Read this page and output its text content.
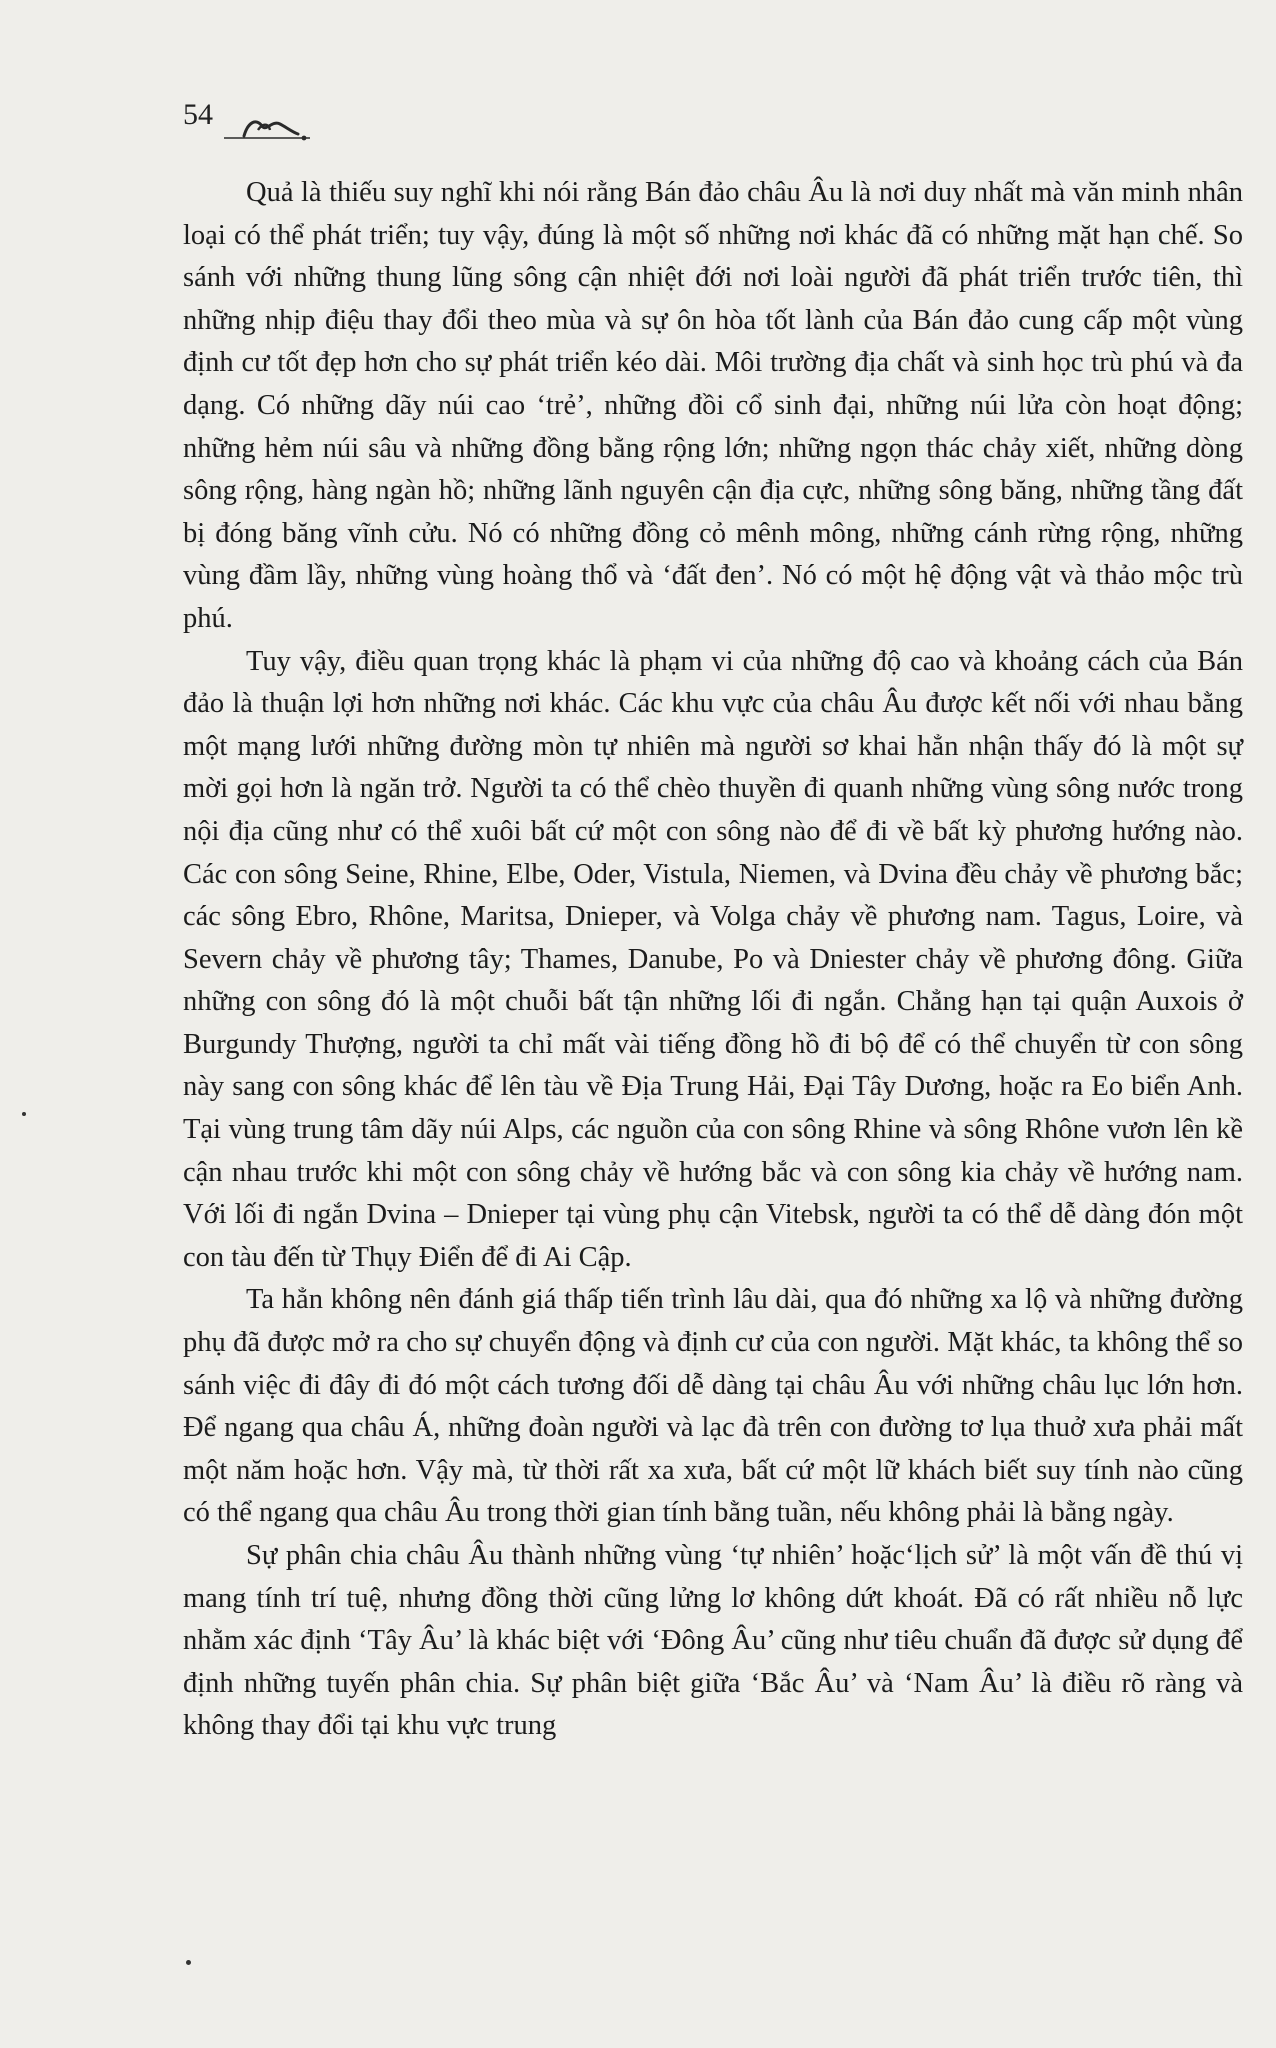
54

Quả là thiếu suy nghĩ khi nói rằng Bán đảo châu Âu là nơi duy nhất mà văn minh nhân loại có thể phát triển; tuy vậy, đúng là một số những nơi khác đã có những mặt hạn chế. So sánh với những thung lũng sông cận nhiệt đới nơi loài người đã phát triển trước tiên, thì những nhịp điệu thay đổi theo mùa và sự ôn hòa tốt lành của Bán đảo cung cấp một vùng định cư tốt đẹp hơn cho sự phát triển kéo dài. Môi trường địa chất và sinh học trù phú và đa dạng. Có những dãy núi cao ‘trẻ’, những đồi cổ sinh đại, những núi lửa còn hoạt động; những hẻm núi sâu và những đồng bằng rộng lớn; những ngọn thác chảy xiết, những dòng sông rộng, hàng ngàn hồ; những lãnh nguyên cận địa cực, những sông băng, những tầng đất bị đóng băng vĩnh cửu. Nó có những đồng cỏ mênh mông, những cánh rừng rộng, những vùng đầm lầy, những vùng hoàng thổ và ‘đất đen’. Nó có một hệ động vật và thảo mộc trù phú.

Tuy vậy, điều quan trọng khác là phạm vi của những độ cao và khoảng cách của Bán đảo là thuận lợi hơn những nơi khác. Các khu vực của châu Âu được kết nối với nhau bằng một mạng lưới những đường mòn tự nhiên mà người sơ khai hẳn nhận thấy đó là một sự mời gọi hơn là ngăn trở. Người ta có thể chèo thuyền đi quanh những vùng sông nước trong nội địa cũng như có thể xuôi bất cứ một con sông nào để đi về bất kỳ phương hướng nào. Các con sông Seine, Rhine, Elbe, Oder, Vistula, Niemen, và Dvina đều chảy về phương bắc; các sông Ebro, Rhône, Maritsa, Dnieper, và Volga chảy về phương nam. Tagus, Loire, và Severn chảy về phương tây; Thames, Danube, Po và Dniester chảy về phương đông. Giữa những con sông đó là một chuỗi bất tận những lối đi ngắn. Chẳng hạn tại quận Auxois ở Burgundy Thượng, người ta chỉ mất vài tiếng đồng hồ đi bộ để có thể chuyển từ con sông này sang con sông khác để lên tàu về Địa Trung Hải, Đại Tây Dương, hoặc ra Eo biển Anh. Tại vùng trung tâm dãy núi Alps, các nguồn của con sông Rhine và sông Rhône vươn lên kề cận nhau trước khi một con sông chảy về hướng bắc và con sông kia chảy về hướng nam. Với lối đi ngắn Dvina – Dnieper tại vùng phụ cận Vitebsk, người ta có thể dễ dàng đón một con tàu đến từ Thụy Điển để đi Ai Cập.

Ta hẳn không nên đánh giá thấp tiến trình lâu dài, qua đó những xa lộ và những đường phụ đã được mở ra cho sự chuyển động và định cư của con người. Mặt khác, ta không thể so sánh việc đi đây đi đó một cách tương đối dễ dàng tại châu Âu với những châu lục lớn hơn. Để ngang qua châu Á, những đoàn người và lạc đà trên con đường tơ lụa thuở xưa phải mất một năm hoặc hơn. Vậy mà, từ thời rất xa xưa, bất cứ một lữ khách biết suy tính nào cũng có thể ngang qua châu Âu trong thời gian tính bằng tuần, nếu không phải là bằng ngày.

Sự phân chia châu Âu thành những vùng ‘tự nhiên’ hoặc‘lịch sử’ là một vấn đề thú vị mang tính trí tuệ, nhưng đồng thời cũng lửng lơ không dứt khoát. Đã có rất nhiều nỗ lực nhằm xác định ‘Tây Âu’ là khác biệt với ‘Đông Âu’ cũng như tiêu chuẩn đã được sử dụng để định những tuyến phân chia. Sự phân biệt giữa ‘Bắc Âu’ và ‘Nam Âu’ là điều rõ ràng và không thay đổi tại khu vực trung
